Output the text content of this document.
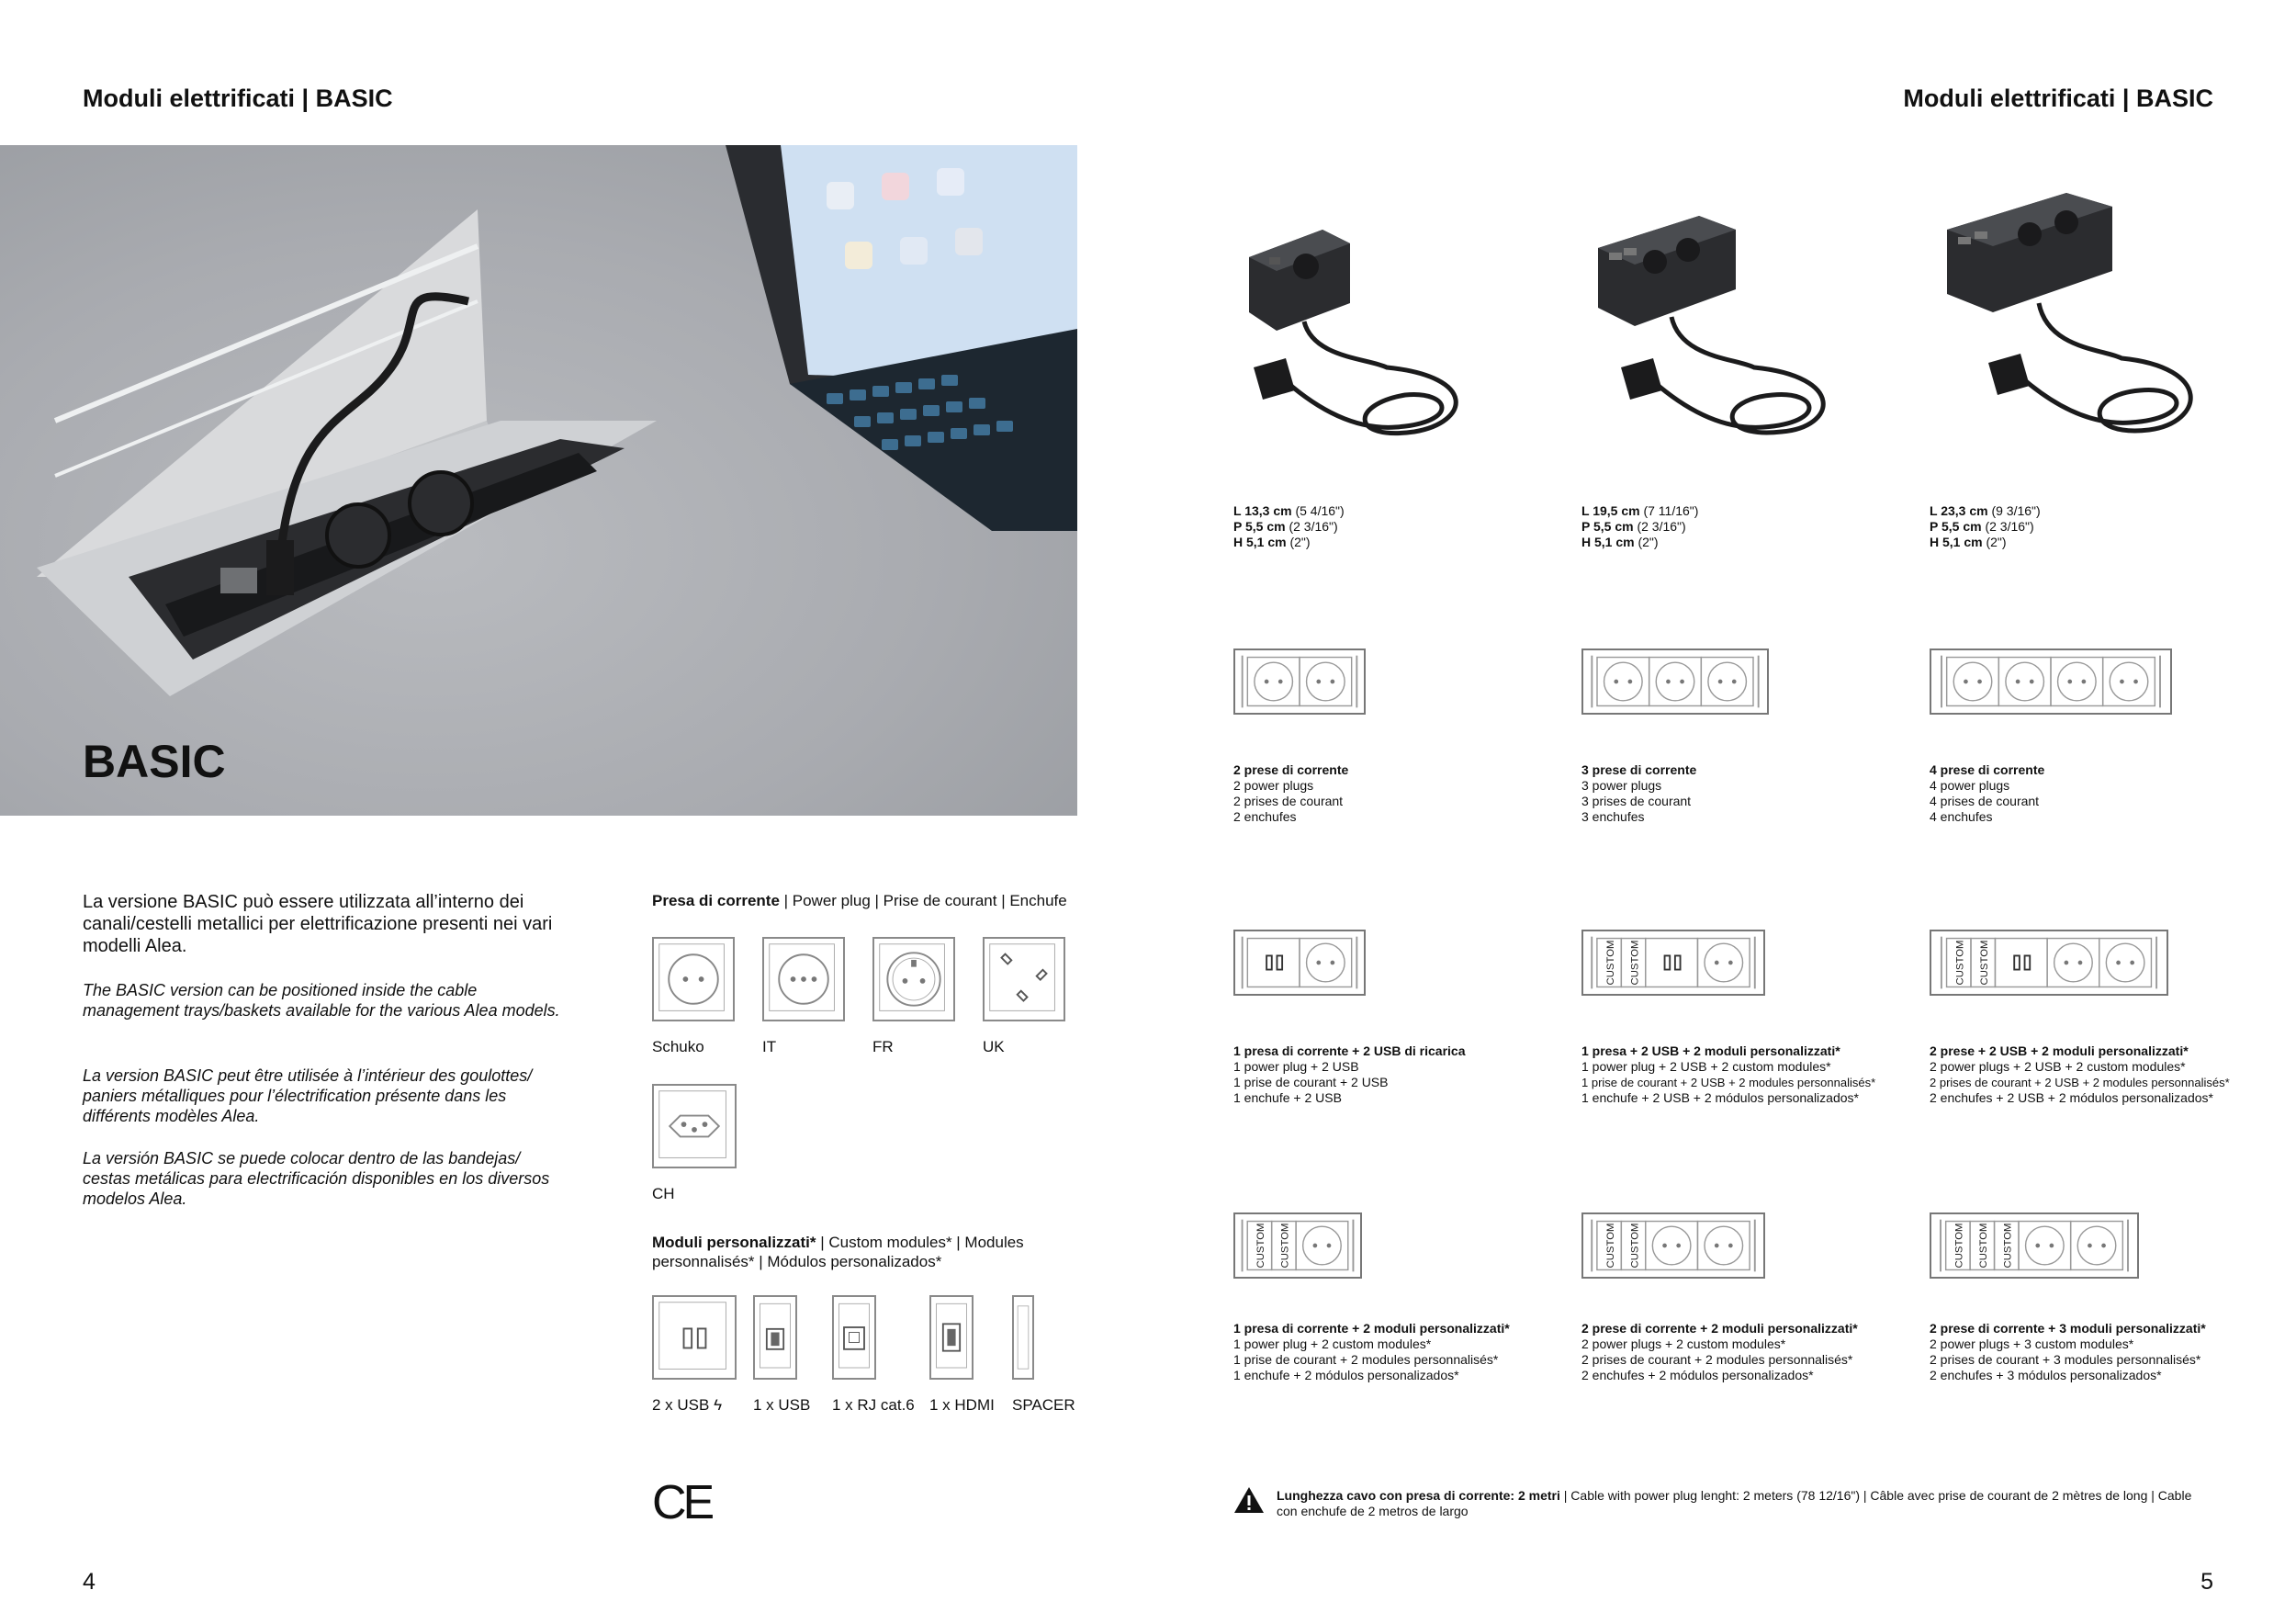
Moduli elettrificati | BASIC	Moduli elettrificati | BASIC
BASIC
La versione BASIC può essere utilizzata all’interno dei canali/cestelli metallici per elettrificazione presenti nei vari modelli Alea.
The BASIC version can be positioned inside the cable management trays/baskets available for the various Alea models.
La version BASIC peut être utilisée à l’intérieur des goulottes/ paniers métalliques pour l’électrification présente dans les différents modèles Alea.
La versión BASIC se puede colocar dentro de las bandejas/ cestas metálicas para electrificación disponibles en los diversos modelos Alea.
Presa di corrente | Power plug | Prise de courant | Enchufe
Schuko	IT	FR	UK
CH
Moduli personalizzati* | Custom modules* | Modules personnalisés* | Módulos personalizados*
2 x USB ϟ 1 x USB 1 x RJ cat.6 1 x HDMI SPACER
CE
L 13,3 cm (5 4/16")
P 5,5 cm (2 3/16")
H 5,1 cm (2")
L 19,5 cm (7 11/16")
P 5,5 cm (2 3/16")
H 5,1 cm (2")
L 23,3 cm (9 3/16")
P 5,5 cm (2 3/16")
H 5,1 cm (2")
CUSTOM CUSTOM	CUSTOM CUSTOM
CUSTOM CUSTOM	CUSTOM CUSTOM	CUSTOM CUSTOM CUSTOM
2 prese di corrente
2 power plugs
2 prises de courant
2 enchufes
3 prese di corrente
3 power plugs
3 prises de courant
3 enchufes
4 prese di corrente
4 power plugs
4 prises de courant
4 enchufes
1 presa di corrente + 2 USB di ricarica
1 power plug + 2 USB
1 prise de courant + 2 USB
1 enchufe + 2 USB
1 presa + 2 USB + 2 moduli personalizzati*
1 power plug + 2 USB + 2 custom modules*
1 prise de courant + 2 USB + 2 modules personnalisés*
1 enchufe + 2 USB + 2 módulos personalizados*
2 prese + 2 USB + 2 moduli personalizzati*
2 power plugs + 2 USB + 2 custom modules*
2 prises de courant + 2 USB + 2 modules personnalisés*
2 enchufes + 2 USB + 2 módulos personalizados*
1 presa di corrente + 2 moduli personalizzati*
1 power plug + 2 custom modules*
1 prise de courant + 2 modules personnalisés*
1 enchufe + 2 módulos personalizados*
2 prese di corrente + 2 moduli personalizzati*
2 power plugs + 2 custom modules*
2 prises de courant + 2 modules personnalisés*
2 enchufes + 2 módulos personalizados*
2 prese di corrente + 3 moduli personalizzati*
2 power plugs + 3 custom modules*
2 prises de courant + 3 modules personnalisés*
2 enchufes + 3 módulos personalizados*
Lunghezza cavo con presa di corrente: 2 metri | Cable with power plug lenght: 2 meters (78 12/16") | Câble avec prise de courant de 2 mètres de long | Cable con enchufe de 2 metros de largo
4	5
